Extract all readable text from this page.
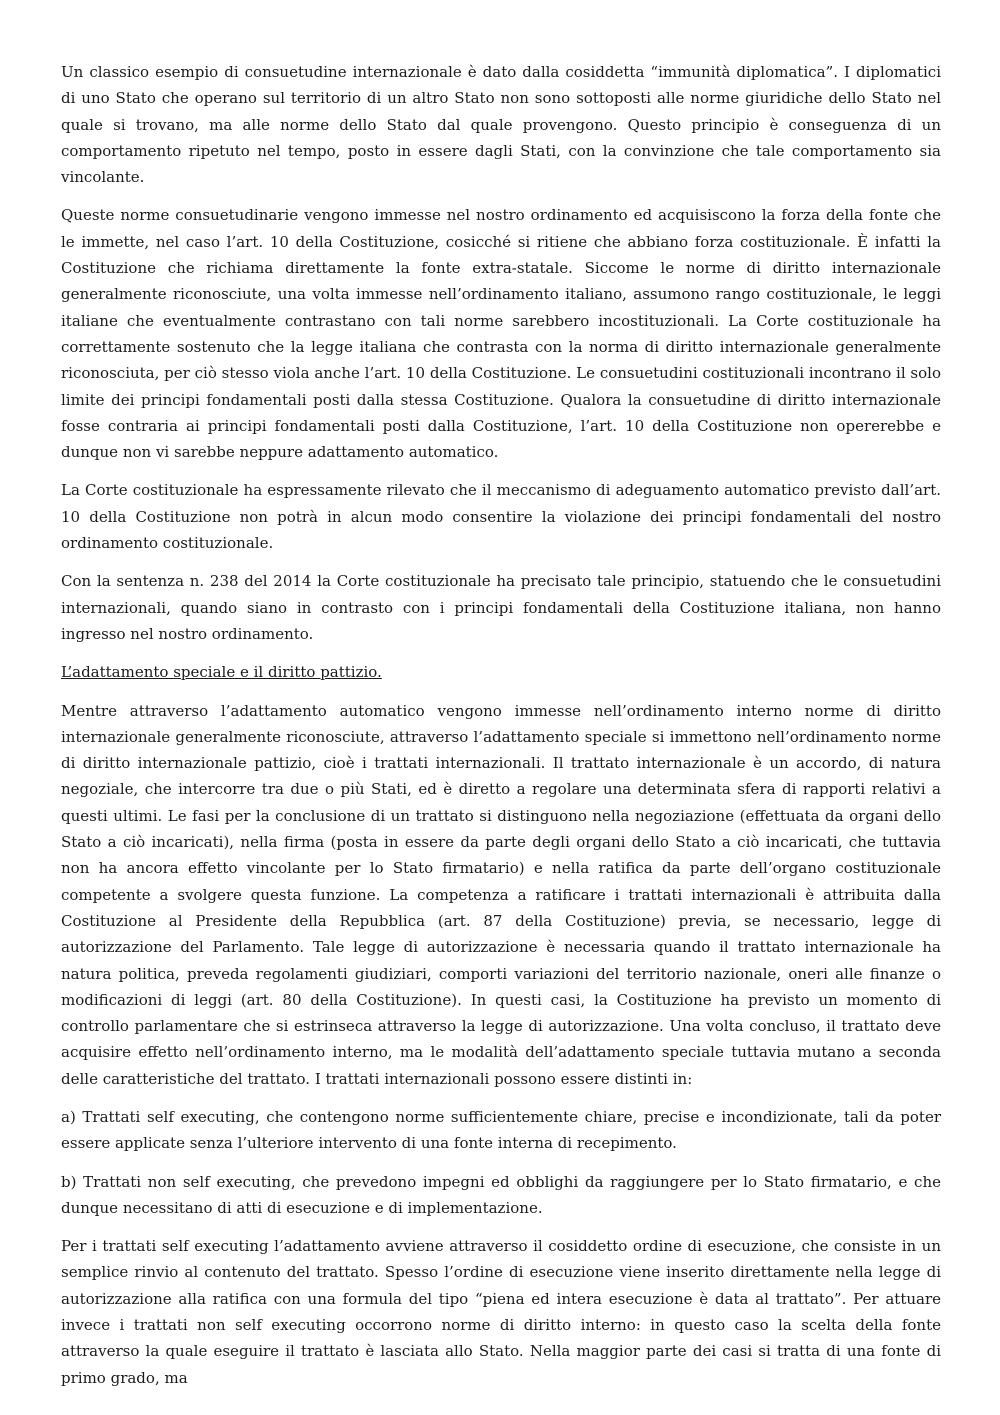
Un classico esempio di consuetudine internazionale è dato dalla cosiddetta “immunità diplomatica”. I diplomatici di uno Stato che operano sul territorio di un altro Stato non sono sottoposti alle norme giuridiche dello Stato nel quale si trovano, ma alle norme dello Stato dal quale provengono. Questo principio è conseguenza di un comportamento ripetuto nel tempo, posto in essere dagli Stati, con la convinzione che tale comportamento sia vincolante.

Queste norme consuetudinarie vengono immesse nel nostro ordinamento ed acquisiscono la forza della fonte che le immette, nel caso l’art. 10 della Costituzione, cosicché si ritiene che abbiano forza costituzionale. È infatti la Costituzione che richiama direttamente la fonte extra-statale. Siccome le norme di diritto internazionale generalmente riconosciute, una volta immesse nell’ordinamento italiano, assumono rango costituzionale, le leggi italiane che eventualmente contrastano con tali norme sarebbero incostituzionali. La Corte costituzionale ha correttamente sostenuto che la legge italiana che contrasta con la norma di diritto internazionale generalmente riconosciuta, per ciò stesso viola anche l’art. 10 della Costituzione. Le consuetudini costituzionali incontrano il solo limite dei principi fondamentali posti dalla stessa Costituzione. Qualora la consuetudine di diritto internazionale fosse contraria ai principi fondamentali posti dalla Costituzione, l’art. 10 della Costituzione non opererebbe e dunque non vi sarebbe neppure adattamento automatico.

La Corte costituzionale ha espressamente rilevato che il meccanismo di adeguamento automatico previsto dall’art. 10 della Costituzione non potrà in alcun modo consentire la violazione dei principi fondamentali del nostro ordinamento costituzionale.

Con la sentenza n. 238 del 2014 la Corte costituzionale ha precisato tale principio, statuendo che le consuetudini internazionali, quando siano in contrasto con i principi fondamentali della Costituzione italiana, non hanno ingresso nel nostro ordinamento.

L’adattamento speciale e il diritto pattizio.

Mentre attraverso l’adattamento automatico vengono immesse nell’ordinamento interno norme di diritto internazionale generalmente riconosciute, attraverso l’adattamento speciale si immettono nell’ordinamento norme di diritto internazionale pattizio, cioè i trattati internazionali. Il trattato internazionale è un accordo, di natura negoziale, che intercorre tra due o più Stati, ed è diretto a regolare una determinata sfera di rapporti relativi a questi ultimi. Le fasi per la conclusione di un trattato si distinguono nella negoziazione (effettuata da organi dello Stato a ciò incaricati), nella firma (posta in essere da parte degli organi dello Stato a ciò incaricati, che tuttavia non ha ancora effetto vincolante per lo Stato firmatario) e nella ratifica da parte dell’organo costituzionale competente a svolgere questa funzione. La competenza a ratificare i trattati internazionali è attribuita dalla Costituzione al Presidente della Repubblica (art. 87 della Costituzione) previa, se necessario, legge di autorizzazione del Parlamento. Tale legge di autorizzazione è necessaria quando il trattato internazionale ha natura politica, preveda regolamenti giudiziari, comporti variazioni del territorio nazionale, oneri alle finanze o modificazioni di leggi (art. 80 della Costituzione). In questi casi, la Costituzione ha previsto un momento di controllo parlamentare che si estrinseca attraverso la legge di autorizzazione. Una volta concluso, il trattato deve acquisire effetto nell’ordinamento interno, ma le modalità dell’adattamento speciale tuttavia mutano a seconda delle caratteristiche del trattato. I trattati internazionali possono essere distinti in:

a) Trattati self executing, che contengono norme sufficientemente chiare, precise e incondizionate, tali da poter essere applicate senza l’ulteriore intervento di una fonte interna di recepimento.

b) Trattati non self executing, che prevedono impegni ed obblighi da raggiungere per lo Stato firmatario, e che dunque necessitano di atti di esecuzione e di implementazione.

Per i trattati self executing l’adattamento avviene attraverso il cosiddetto ordine di esecuzione, che consiste in un semplice rinvio al contenuto del trattato. Spesso l’ordine di esecuzione viene inserito direttamente nella legge di autorizzazione alla ratifica con una formula del tipo “piena ed intera esecuzione è data al trattato”. Per attuare invece i trattati non self executing occorrono norme di diritto interno: in questo caso la scelta della fonte attraverso la quale eseguire il trattato è lasciata allo Stato. Nella maggior parte dei casi si tratta di una fonte di primo grado, ma
